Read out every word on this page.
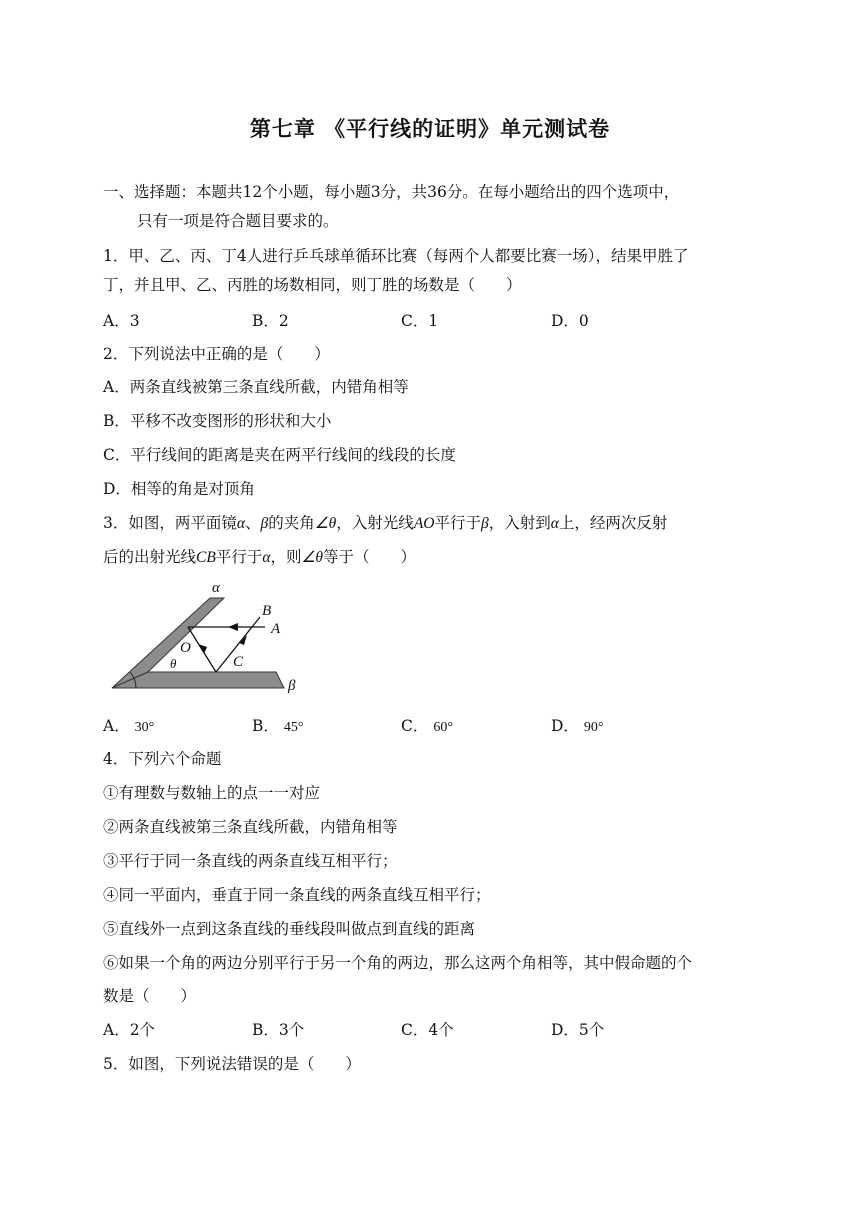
第七章 《平行线的证明》单元测试卷
一、选择题：本题共12个小题，每小题3分，共36分。在每小题给出的四个选项中，
只有一项是符合题目要求的。
1．甲、乙、丙、丁4人进行乒乓球单循环比赛（每两个人都要比赛一场），结果甲胜了
丁，并且甲、乙、丙胜的场数相同，则丁胜的场数是（　　）
A．3	B．2	C．1	D．0
2．下列说法中正确的是（　　）
A．两条直线被第三条直线所截，内错角相等
B．平移不改变图形的形状和大小
C．平行线间的距离是夹在两平行线间的线段的长度
D．相等的角是对顶角
3．如图，两平面镜α、β的夹角∠θ，入射光线AO平行于β，入射到α上，经两次反射
后的出射光线CB平行于α，则∠θ等于（　　）
α
B
A
O
C
θ
β
A． 30°	B． 45°	C． 60°	D． 90°
4．下列六个命题
①有理数与数轴上的点一一对应
②两条直线被第三条直线所截，内错角相等
③平行于同一条直线的两条直线互相平行；
④同一平面内，垂直于同一条直线的两条直线互相平行；
⑤直线外一点到这条直线的垂线段叫做点到直线的距离
⑥如果一个角的两边分别平行于另一个角的两边，那么这两个角相等，其中假命题的个
数是（　　）
A．2个	B．3个	C．4个	D．5个
5．如图，下列说法错误的是（　　）
